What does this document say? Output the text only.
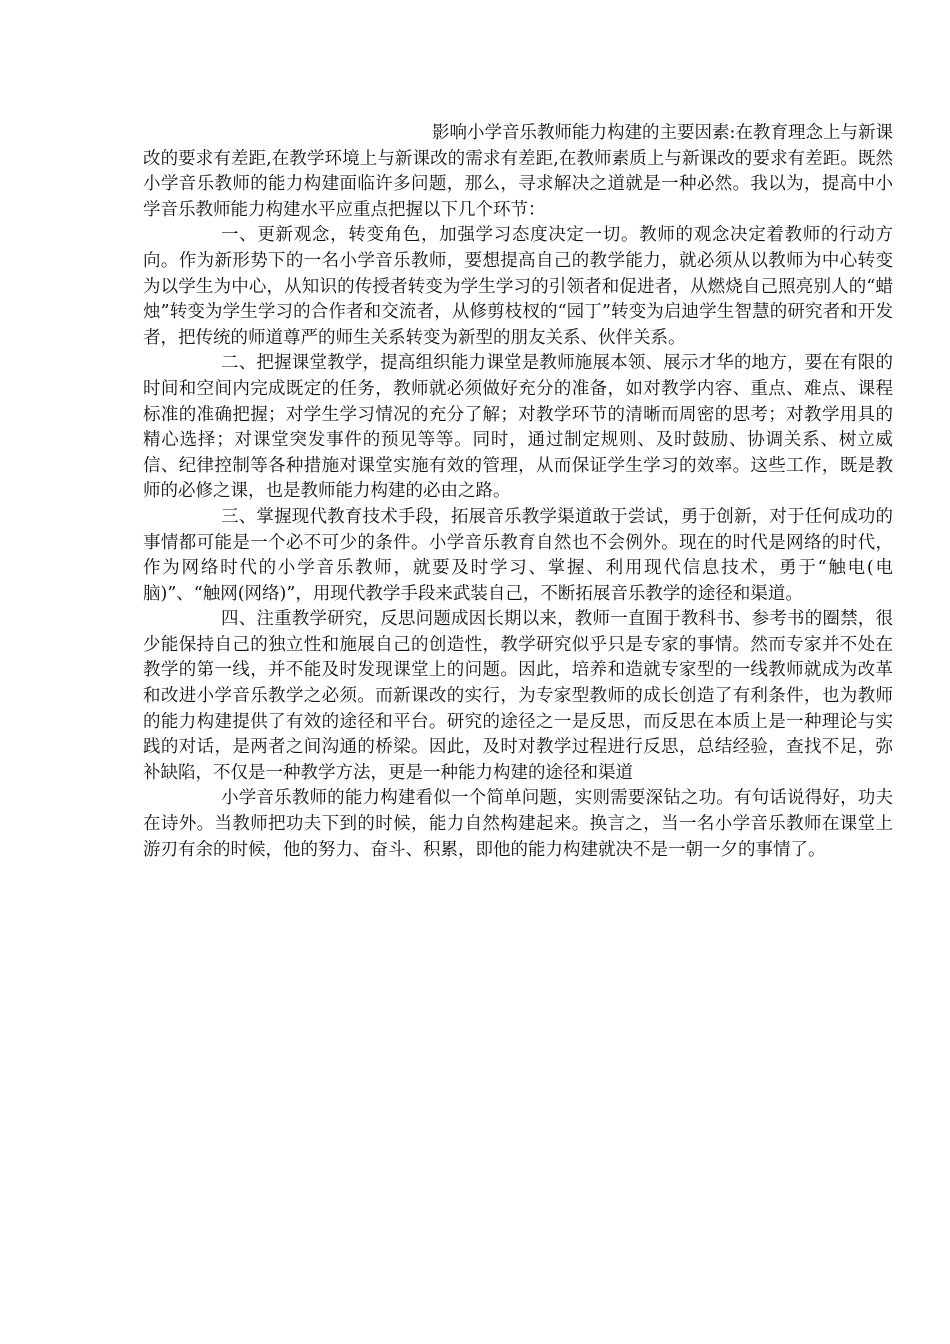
影响小学音乐教师能力构建的主要因素:在教育理念上与新课改的要求有差距,在教学环境上与新课改的需求有差距,在教师素质上与新课改的要求有差距。既然小学音乐教师的能力构建面临许多问题，那么，寻求解决之道就是一种必然。我以为，提高中小学音乐教师能力构建水平应重点把握以下几个环节：

一、更新观念，转变角色，加强学习态度决定一切。教师的观念决定着教师的行动方向。作为新形势下的一名小学音乐教师，要想提高自己的教学能力，就必须从以教师为中心转变为以学生为中心，从知识的传授者转变为学生学习的引领者和促进者，从燃烧自己照亮别人的“蜡烛”转变为学生学习的合作者和交流者，从修剪枝杈的“园丁”转变为启迪学生智慧的研究者和开发者，把传统的师道尊严的师生关系转变为新型的朋友关系、伙伴关系。

二、把握课堂教学，提高组织能力课堂是教师施展本领、展示才华的地方，要在有限的时间和空间内完成既定的任务，教师就必须做好充分的准备，如对教学内容、重点、难点、课程标准的准确把握；对学生学习情况的充分了解；对教学环节的清晰而周密的思考；对教学用具的精心选择；对课堂突发事件的预见等等。同时，通过制定规则、及时鼓励、协调关系、树立威信、纪律控制等各种措施对课堂实施有效的管理，从而保证学生学习的效率。这些工作，既是教师的必修之课，也是教师能力构建的必由之路。

三、掌握现代教育技术手段，拓展音乐教学渠道敢于尝试，勇于创新，对于任何成功的事情都可能是一个必不可少的条件。小学音乐教育自然也不会例外。现在的时代是网络的时代，作为网络时代的小学音乐教师，就要及时学习、掌握、利用现代信息技术，勇于“触电(电脑)”、“触网(网络)”，用现代教学手段来武装自己，不断拓展音乐教学的途径和渠道。

四、注重教学研究，反思问题成因长期以来，教师一直囿于教科书、参考书的圈禁，很少能保持自己的独立性和施展自己的创造性，教学研究似乎只是专家的事情。然而专家并不处在教学的第一线，并不能及时发现课堂上的问题。因此，培养和造就专家型的一线教师就成为改革和改进小学音乐教学之必须。而新课改的实行，为专家型教师的成长创造了有利条件，也为教师的能力构建提供了有效的途径和平台。研究的途径之一是反思，而反思在本质上是一种理论与实践的对话，是两者之间沟通的桥梁。因此，及时对教学过程进行反思，总结经验，查找不足，弥补缺陷，不仅是一种教学方法，更是一种能力构建的途径和渠道

小学音乐教师的能力构建看似一个简单问题，实则需要深钻之功。有句话说得好，功夫在诗外。当教师把功夫下到的时候，能力自然构建起来。换言之，当一名小学音乐教师在课堂上游刃有余的时候，他的努力、奋斗、积累，即他的能力构建就决不是一朝一夕的事情了。
